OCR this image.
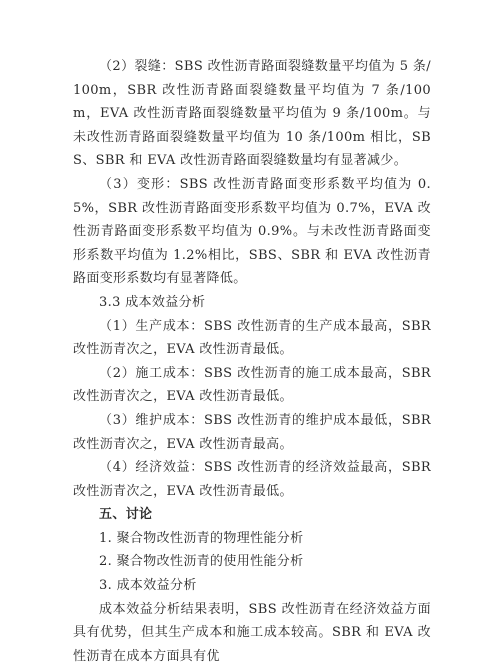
（2）裂缝：SBS 改性沥青路面裂缝数量平均值为 5 条/100m，SBR 改性沥青路面裂缝数量平均值为 7 条/100m，EVA 改性沥青路面裂缝数量平均值为 9 条/100m。与未改性沥青路面裂缝数量平均值为 10 条/100m 相比，SBS、SBR 和 EVA 改性沥青路面裂缝数量均有显著减少。

（3）变形：SBS 改性沥青路面变形系数平均值为 0.5%，SBR 改性沥青路面变形系数平均值为 0.7%，EVA 改性沥青路面变形系数平均值为 0.9%。与未改性沥青路面变形系数平均值为 1.2%相比，SBS、SBR 和 EVA 改性沥青路面变形系数均有显著降低。

3.3 成本效益分析

（1）生产成本：SBS 改性沥青的生产成本最高，SBR 改性沥青次之，EVA 改性沥青最低。

（2）施工成本：SBS 改性沥青的施工成本最高，SBR 改性沥青次之，EVA 改性沥青最低。

（3）维护成本：SBS 改性沥青的维护成本最低，SBR 改性沥青次之，EVA 改性沥青最高。

（4）经济效益：SBS 改性沥青的经济效益最高，SBR 改性沥青次之，EVA 改性沥青最低。

五、讨论

1. 聚合物改性沥青的物理性能分析

2. 聚合物改性沥青的使用性能分析

3. 成本效益分析

成本效益分析结果表明，SBS 改性沥青在经济效益方面具有优势，但其生产成本和施工成本较高。SBR 和 EVA 改性沥青在成本方面具有优
